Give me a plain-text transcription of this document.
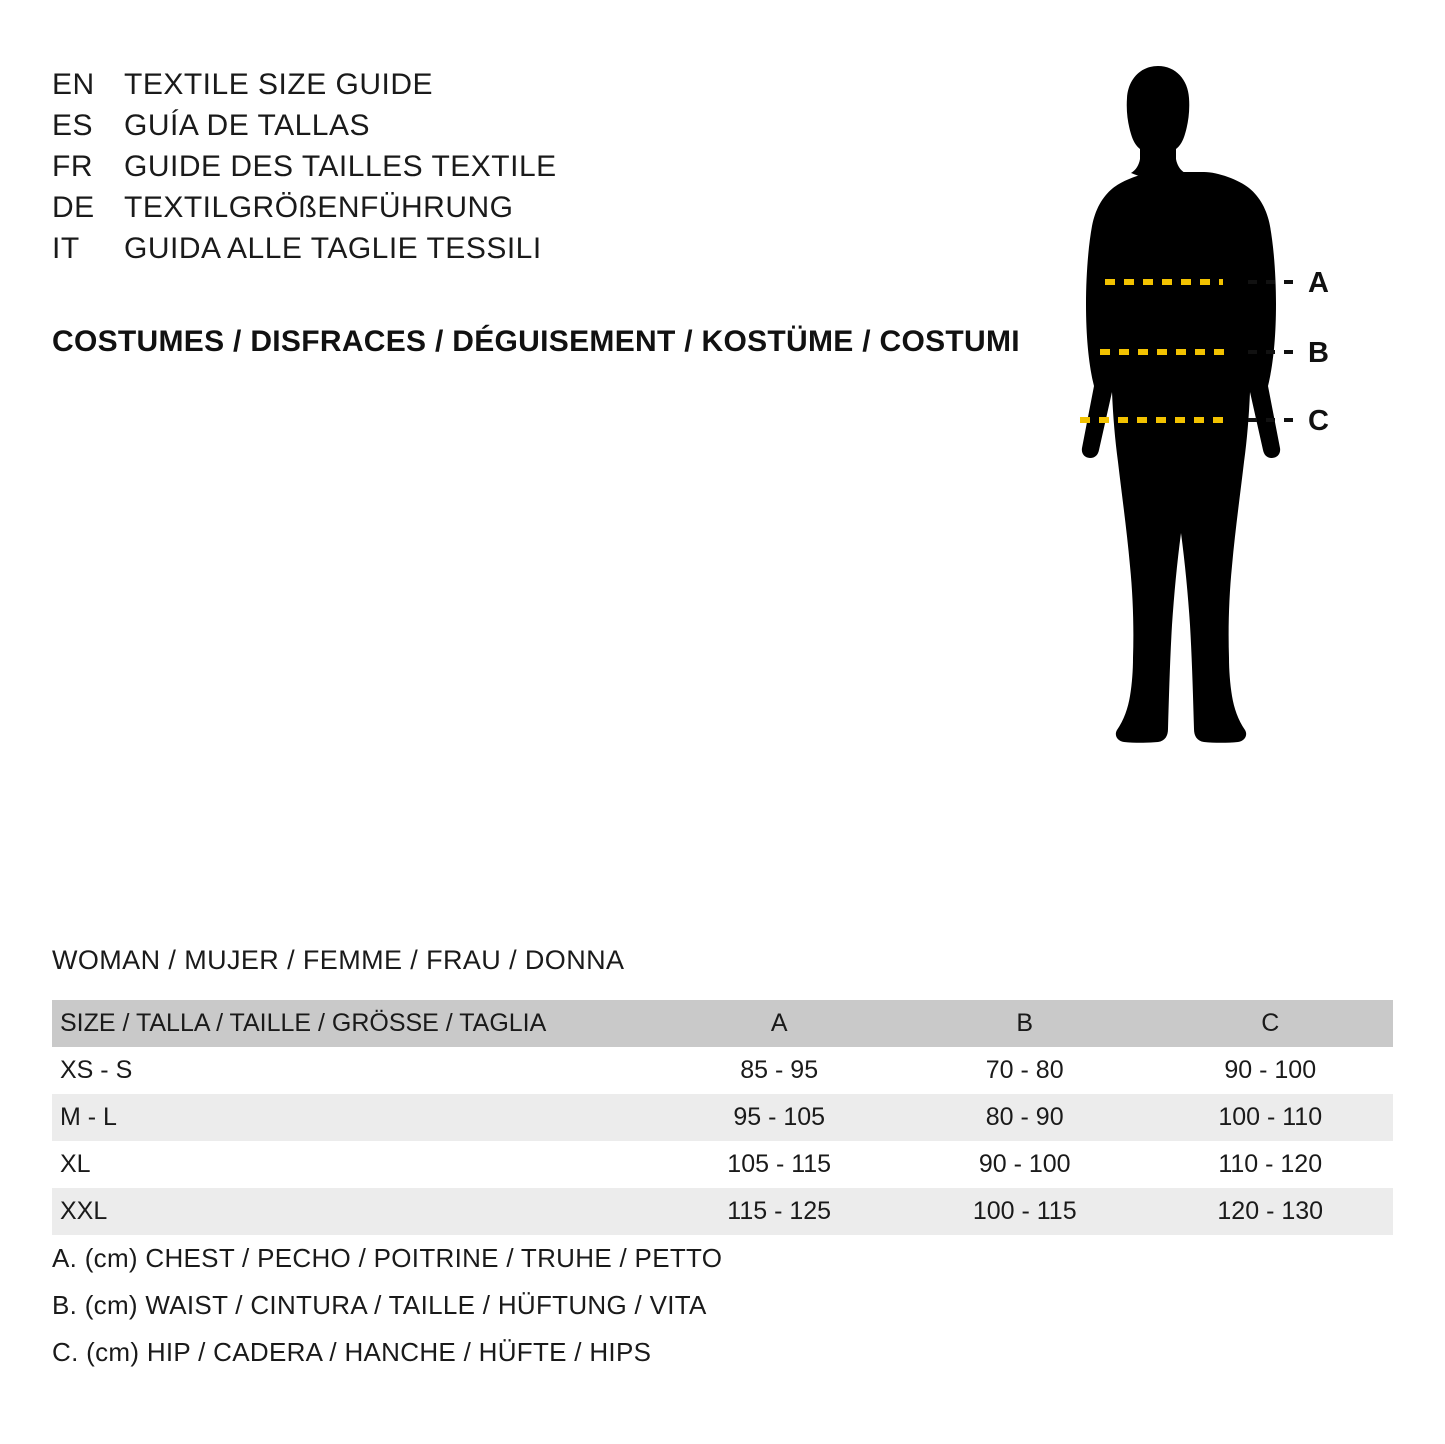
EN TEXTILE SIZE GUIDE
ES	GUÍA DE TALLAS
FR	GUIDE DES TAILLES TEXTILE
DE TEXTILGRÖßENFÜHRUNG
IT	GUIDA ALLE TAGLIE TESSILI
COSTUMES / DISFRACES / DÉGUISEMENT / KOSTÜME / COSTUMI
A
B
C
WOMAN / MUJER / FEMME / FRAU / DONNA
SIZE / TALLA / TAILLE / GRÖSSE / TAGLIA	A	B	C
XS - S	85 - 95	70 - 80	90 - 100
M - L	95 - 105	80 - 90	100 - 110
XL	105 - 115	90 - 100	110 - 120
XXL	115 - 125	100 - 115	120 - 130
A. (cm) CHEST / PECHO / POITRINE / TRUHE / PETTO
B. (cm) WAIST / CINTURA / TAILLE / HÜFTUNG / VITA
C. (cm) HIP / CADERA / HANCHE / HÜFTE / HIPS
